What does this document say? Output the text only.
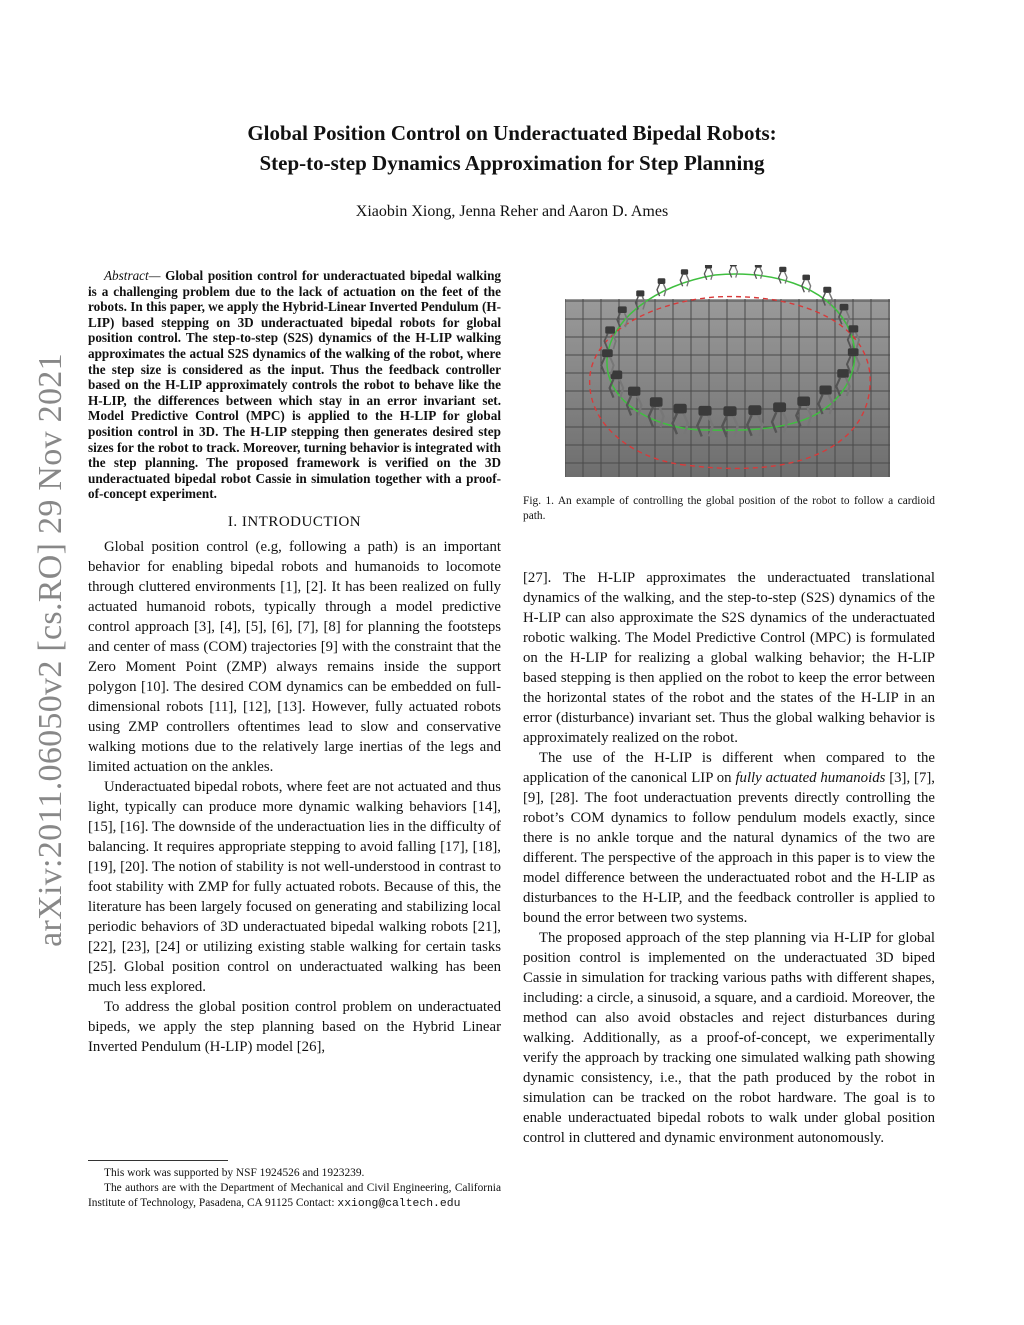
arXiv:2011.06050v2 [cs.RO] 29 Nov 2021
Global Position Control on Underactuated Bipedal Robots:
Step-to-step Dynamics Approximation for Step Planning
Xiaobin Xiong, Jenna Reher and Aaron D. Ames

Abstract— Global position control for underactuated bipedal walking is a challenging problem due to the lack of actuation on the feet of the robots. In this paper, we apply the Hybrid-Linear Inverted Pendulum (H-LIP) based stepping on 3D underactuated bipedal robots for global position control. The step-to-step (S2S) dynamics of the H-LIP walking approximates the actual S2S dynamics of the walking of the robot, where the step size is considered as the input. Thus the feedback controller based on the H-LIP approximately controls the robot to behave like the H-LIP, the differences between which stay in an error invariant set. Model Predictive Control (MPC) is applied to the H-LIP for global position control in 3D. The H-LIP stepping then generates desired step sizes for the robot to track. Moreover, turning behavior is integrated with the step planning. The proposed framework is verified on the 3D underactuated bipedal robot Cassie in simulation together with a proof-of-concept experiment.

I. INTRODUCTION

Global position control (e.g, following a path) is an important behavior for enabling bipedal robots and humanoids to locomote through cluttered environments [1], [2]. It has been realized on fully actuated humanoid robots, typically through a model predictive control approach [3], [4], [5], [6], [7], [8] for planning the footsteps and center of mass (COM) trajectories [9] with the constraint that the Zero Moment Point (ZMP) always remains inside the support polygon [10]. The desired COM dynamics can be embedded on full-dimensional robots [11], [12], [13]. However, fully actuated robots using ZMP controllers oftentimes lead to slow and conservative walking motions due to the relatively large inertias of the legs and limited actuation on the ankles.

Underactuated bipedal robots, where feet are not actuated and thus light, typically can produce more dynamic walking behaviors [14], [15], [16]. The downside of the underactuation lies in the difficulty of balancing. It requires appropriate stepping to avoid falling [17], [18], [19], [20]. The notion of stability is not well-understood in contrast to foot stability with ZMP for fully actuated robots. Because of this, the literature has been largely focused on generating and stabilizing local periodic behaviors of 3D underactuated bipedal walking robots [21], [22], [23], [24] or utilizing existing stable walking for certain tasks [25]. Global position control on underactuated walking has been much less explored.

To address the global position control problem on underactuated bipeds, we apply the step planning based on the Hybrid Linear Inverted Pendulum (H-LIP) model [26],

This work was supported by NSF 1924526 and 1923239.

The authors are with the Department of Mechanical and Civil Engineering, California Institute of Technology, Pasadena, CA 91125 Contact: xxiong@caltech.edu

Fig. 1. An example of controlling the global position of the robot to follow a cardioid path.

[27]. The H-LIP approximates the underactuated translational dynamics of the walking, and the step-to-step (S2S) dynamics of the H-LIP can also approximate the S2S dynamics of the underactuated robotic walking. The Model Predictive Control (MPC) is formulated on the H-LIP for realizing a global walking behavior; the H-LIP based stepping is then applied on the robot to keep the error between the horizontal states of the robot and the states of the H-LIP in an error (disturbance) invariant set. Thus the global walking behavior is approximately realized on the robot.

The use of the H-LIP is different when compared to the application of the canonical LIP on fully actuated humanoids [3], [7], [9], [28]. The foot underactuation prevents directly controlling the robot’s COM dynamics to follow pendulum models exactly, since there is no ankle torque and the natural dynamics of the two are different. The perspective of the approach in this paper is to view the model difference between the underactuated robot and the H-LIP as disturbances to the H-LIP, and the feedback controller is applied to bound the error between two systems.

The proposed approach of the step planning via H-LIP for global position control is implemented on the underactuated 3D biped Cassie in simulation for tracking various paths with different shapes, including: a circle, a sinusoid, a square, and a cardioid. Moreover, the method can also avoid obstacles and reject disturbances during walking. Additionally, as a proof-of-concept, we experimentally verify the approach by tracking one simulated walking path showing dynamic consistency, i.e., that the path produced by the robot in simulation can be tracked on the robot hardware. The goal is to enable underactuated bipedal robots to walk under global position control in cluttered and dynamic environment autonomously.
